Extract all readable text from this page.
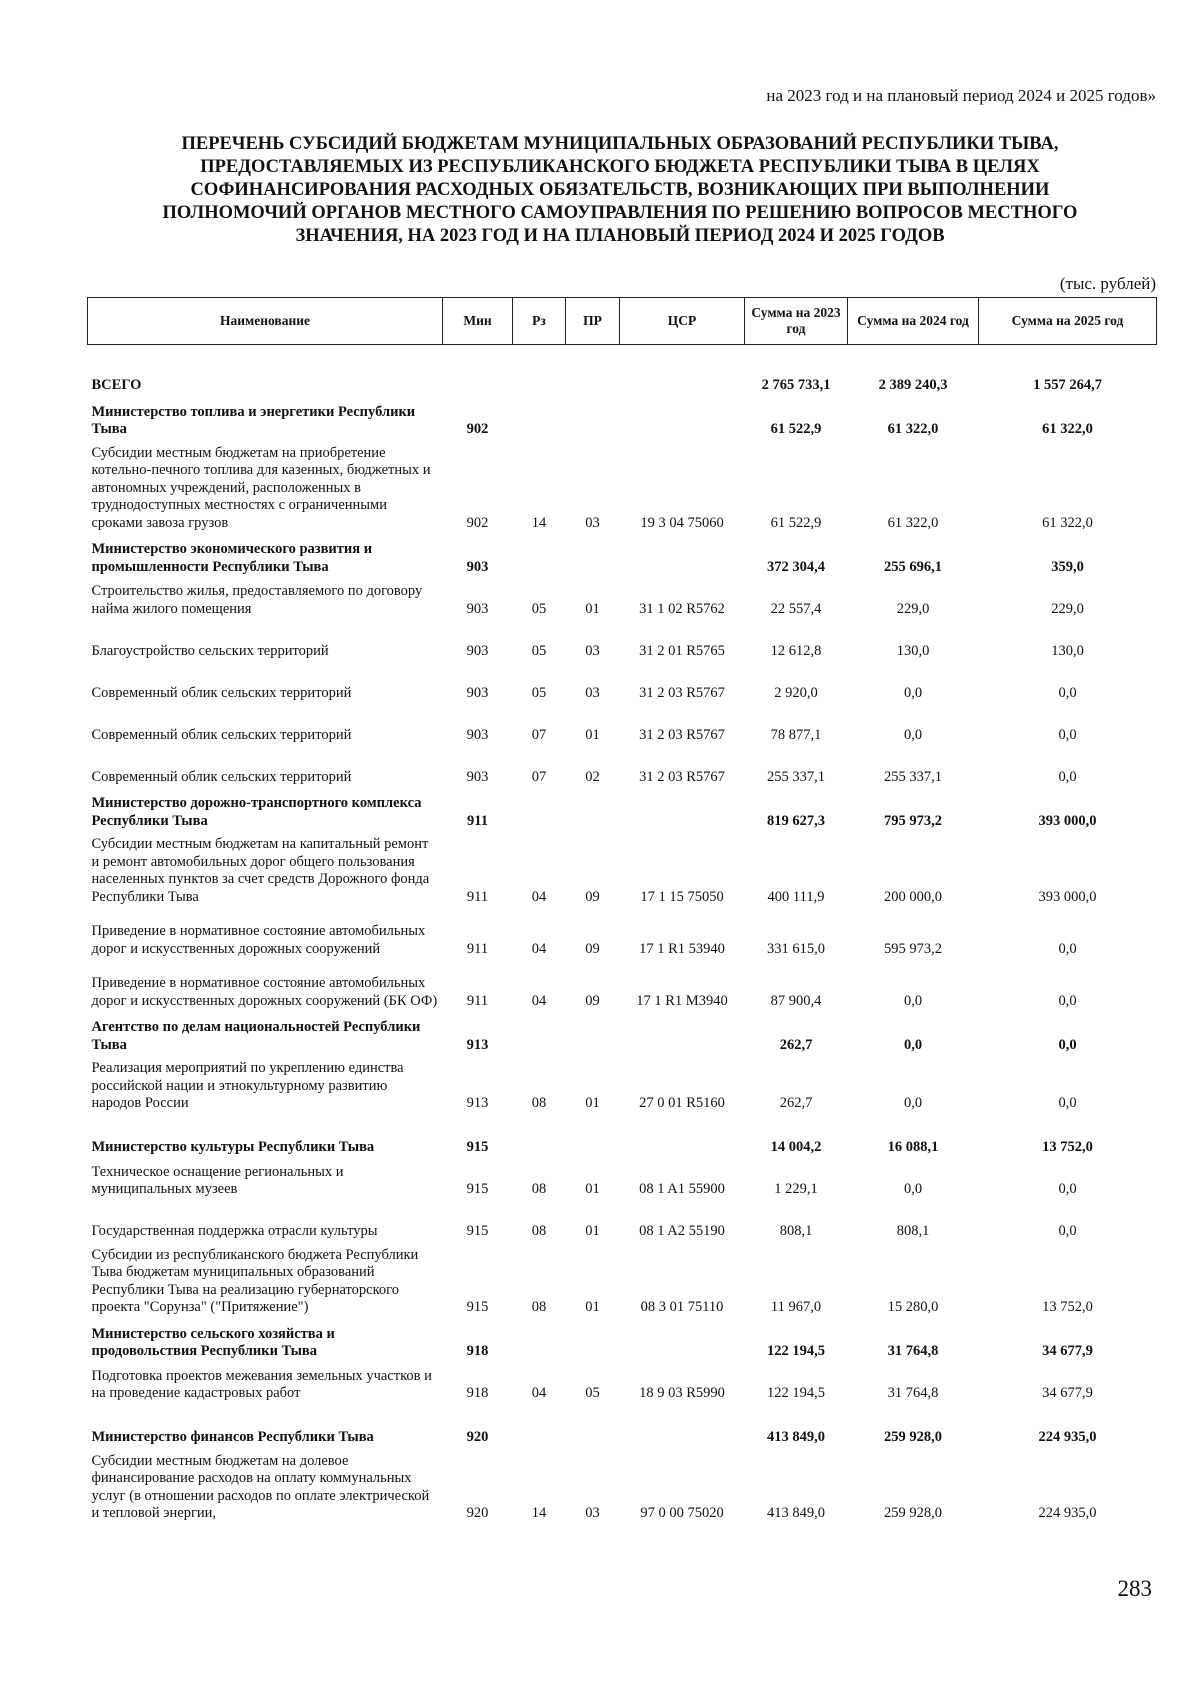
на 2023 год и на плановый период 2024 и 2025 годов»
ПЕРЕЧЕНЬ СУБСИДИЙ БЮДЖЕТАМ МУНИЦИПАЛЬНЫХ ОБРАЗОВАНИЙ РЕСПУБЛИКИ ТЫВА,
ПРЕДОСТАВЛЯЕМЫХ ИЗ РЕСПУБЛИКАНСКОГО БЮДЖЕТА РЕСПУБЛИКИ ТЫВА В ЦЕЛЯХ
СОФИНАНСИРОВАНИЯ РАСХОДНЫХ ОБЯЗАТЕЛЬСТВ, ВОЗНИКАЮЩИХ ПРИ ВЫПОЛНЕНИИ
ПОЛНОМОЧИЙ ОРГАНОВ МЕСТНОГО САМОУПРАВЛЕНИЯ ПО РЕШЕНИЮ ВОПРОСОВ МЕСТНОГО
ЗНАЧЕНИЯ, НА 2023 ГОД И НА ПЛАНОВЫЙ ПЕРИОД 2024 И 2025 ГОДОВ
(тыс. рублей)
Наименование	Мин	Рз	ПР	ЦСР	Сумма на 2023 год	Сумма на 2024 год	Сумма на 2025 год
ВСЕГО					2 765 733,1	2 389 240,3	1 557 264,7
Министерство топлива и энергетики Республики Тыва	902				61 522,9	61 322,0	61 322,0
Субсидии местным бюджетам на приобретение котельно-печного топлива для казенных, бюджетных и автономных учреждений, расположенных в труднодоступных местностях с ограниченными сроками завоза грузов	902	14	03	19 3 04 75060	61 522,9	61 322,0	61 322,0
Министерство экономического развития и промышленности Республики Тыва	903				372 304,4	255 696,1	359,0
Строительство жилья, предоставляемого по договору найма жилого помещения	903	05	01	31 1 02 R5762	22 557,4	229,0	229,0
Благоустройство сельских территорий	903	05	03	31 2 01 R5765	12 612,8	130,0	130,0
Современный облик сельских территорий	903	05	03	31 2 03 R5767	2 920,0	0,0	0,0
Современный облик сельских территорий	903	07	01	31 2 03 R5767	78 877,1	0,0	0,0
Современный облик сельских территорий	903	07	02	31 2 03 R5767	255 337,1	255 337,1	0,0
Министерство дорожно-транспортного комплекса Республики Тыва	911				819 627,3	795 973,2	393 000,0
Субсидии местным бюджетам на капитальный ремонт и ремонт автомобильных дорог общего пользования населенных пунктов за счет средств Дорожного фонда Республики Тыва	911	04	09	17 1 15 75050	400 111,9	200 000,0	393 000,0
Приведение в нормативное состояние автомобильных дорог и искусственных дорожных сооружений	911	04	09	17 1 R1 53940	331 615,0	595 973,2	0,0
Приведение в нормативное состояние автомобильных дорог и искусственных дорожных сооружений (БК ОФ)	911	04	09	17 1 R1 M3940	87 900,4	0,0	0,0
Агентство по делам национальностей Республики Тыва	913				262,7	0,0	0,0
Реализация мероприятий по укреплению единства российской нации и этнокультурному развитию народов России	913	08	01	27 0 01 R5160	262,7	0,0	0,0
Министерство культуры Республики Тыва	915				14 004,2	16 088,1	13 752,0
Техническое оснащение региональных и муниципальных музеев	915	08	01	08 1 A1 55900	1 229,1	0,0	0,0
Государственная поддержка отрасли культуры	915	08	01	08 1 A2 55190	808,1	808,1	0,0
Субсидии из республиканского бюджета Республики Тыва бюджетам муниципальных образований Республики Тыва на реализацию губернаторского проекта "Сорунза" ("Притяжение")	915	08	01	08 3 01 75110	11 967,0	15 280,0	13 752,0
Министерство сельского хозяйства и продовольствия Республики Тыва	918				122 194,5	31 764,8	34 677,9
Подготовка проектов межевания земельных участков и на проведение кадастровых работ	918	04	05	18 9 03 R5990	122 194,5	31 764,8	34 677,9
Министерство финансов Республики Тыва	920				413 849,0	259 928,0	224 935,0
Субсидии местным бюджетам на долевое финансирование расходов на оплату коммунальных услуг (в отношении расходов по оплате электрической и тепловой энергии,	920	14	03	97 0 00 75020	413 849,0	259 928,0	224 935,0
283
